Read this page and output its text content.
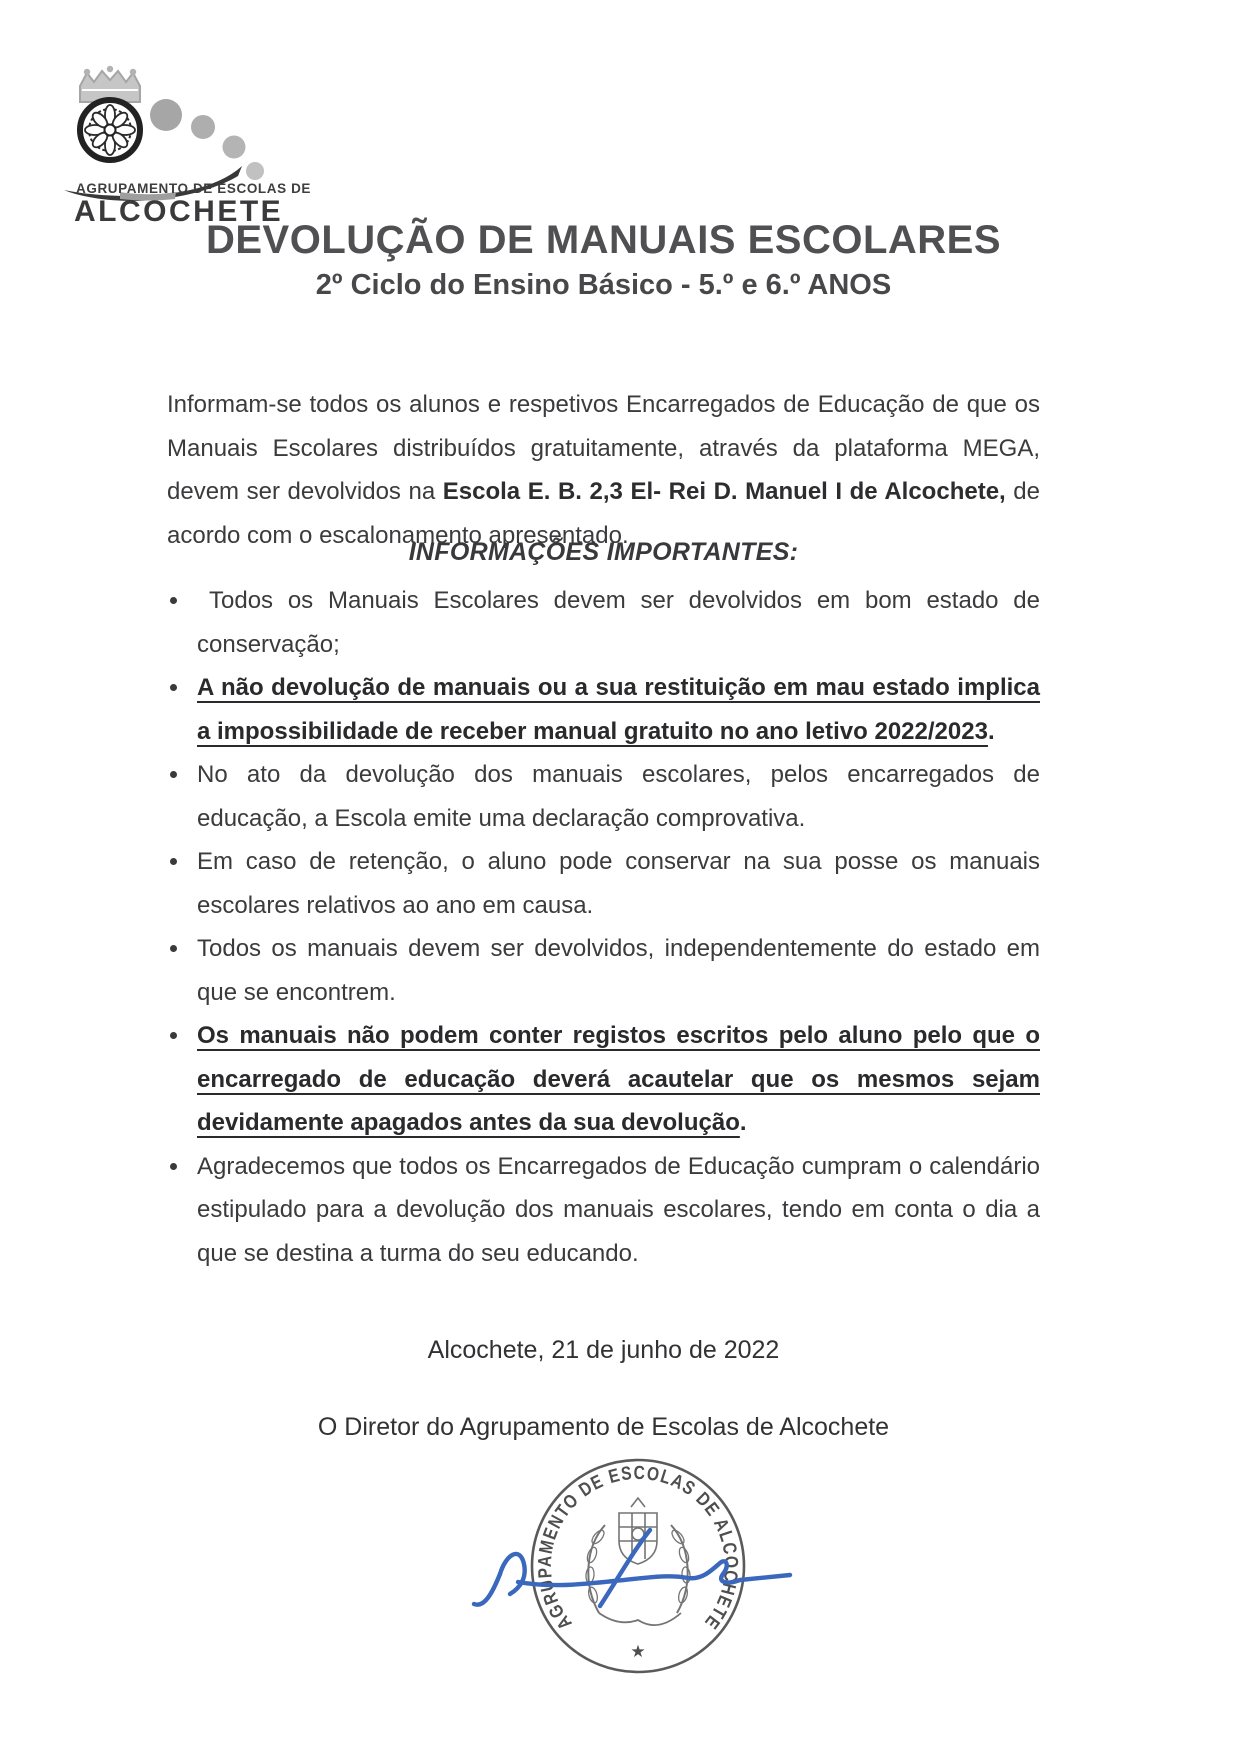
AGRUPAMENTO DE ESCOLAS DE
ALCOCHETE
DEVOLUÇÃO DE MANUAIS ESCOLARES
2º Ciclo do Ensino Básico - 5.º e 6.º ANOS

Informam-se todos os alunos e respetivos Encarregados de Educação de que os Manuais Escolares distribuídos gratuitamente, através da plataforma MEGA, devem ser devolvidos na Escola E. B. 2,3 El- Rei D. Manuel I de Alcochete, de acordo com o escalonamento apresentado.

INFORMAÇÕES IMPORTANTES:
Todos os Manuais Escolares devem ser devolvidos em bom estado de conservação;
A não devolução de manuais ou a sua restituição em mau estado implica a impossibilidade de receber manual gratuito no ano letivo 2022/2023.
No ato da devolução dos manuais escolares, pelos encarregados de educação, a Escola emite uma declaração comprovativa.
Em caso de retenção, o aluno pode conservar na sua posse os manuais escolares relativos ao ano em causa.
Todos os manuais devem ser devolvidos, independentemente do estado em que se encontrem.
Os manuais não podem conter registos escritos pelo aluno pelo que o encarregado de educação deverá acautelar que os mesmos sejam devidamente apagados antes da sua devolução.
Agradecemos que todos os Encarregados de Educação cumpram o calendário estipulado para a devolução dos manuais escolares, tendo em conta o dia a que se destina a turma do seu educando.
Alcochete, 21 de junho de 2022
O Diretor do Agrupamento de Escolas de Alcochete
AGRUPAMENTO DE ESCOLAS DE ALCOCHETE
★
